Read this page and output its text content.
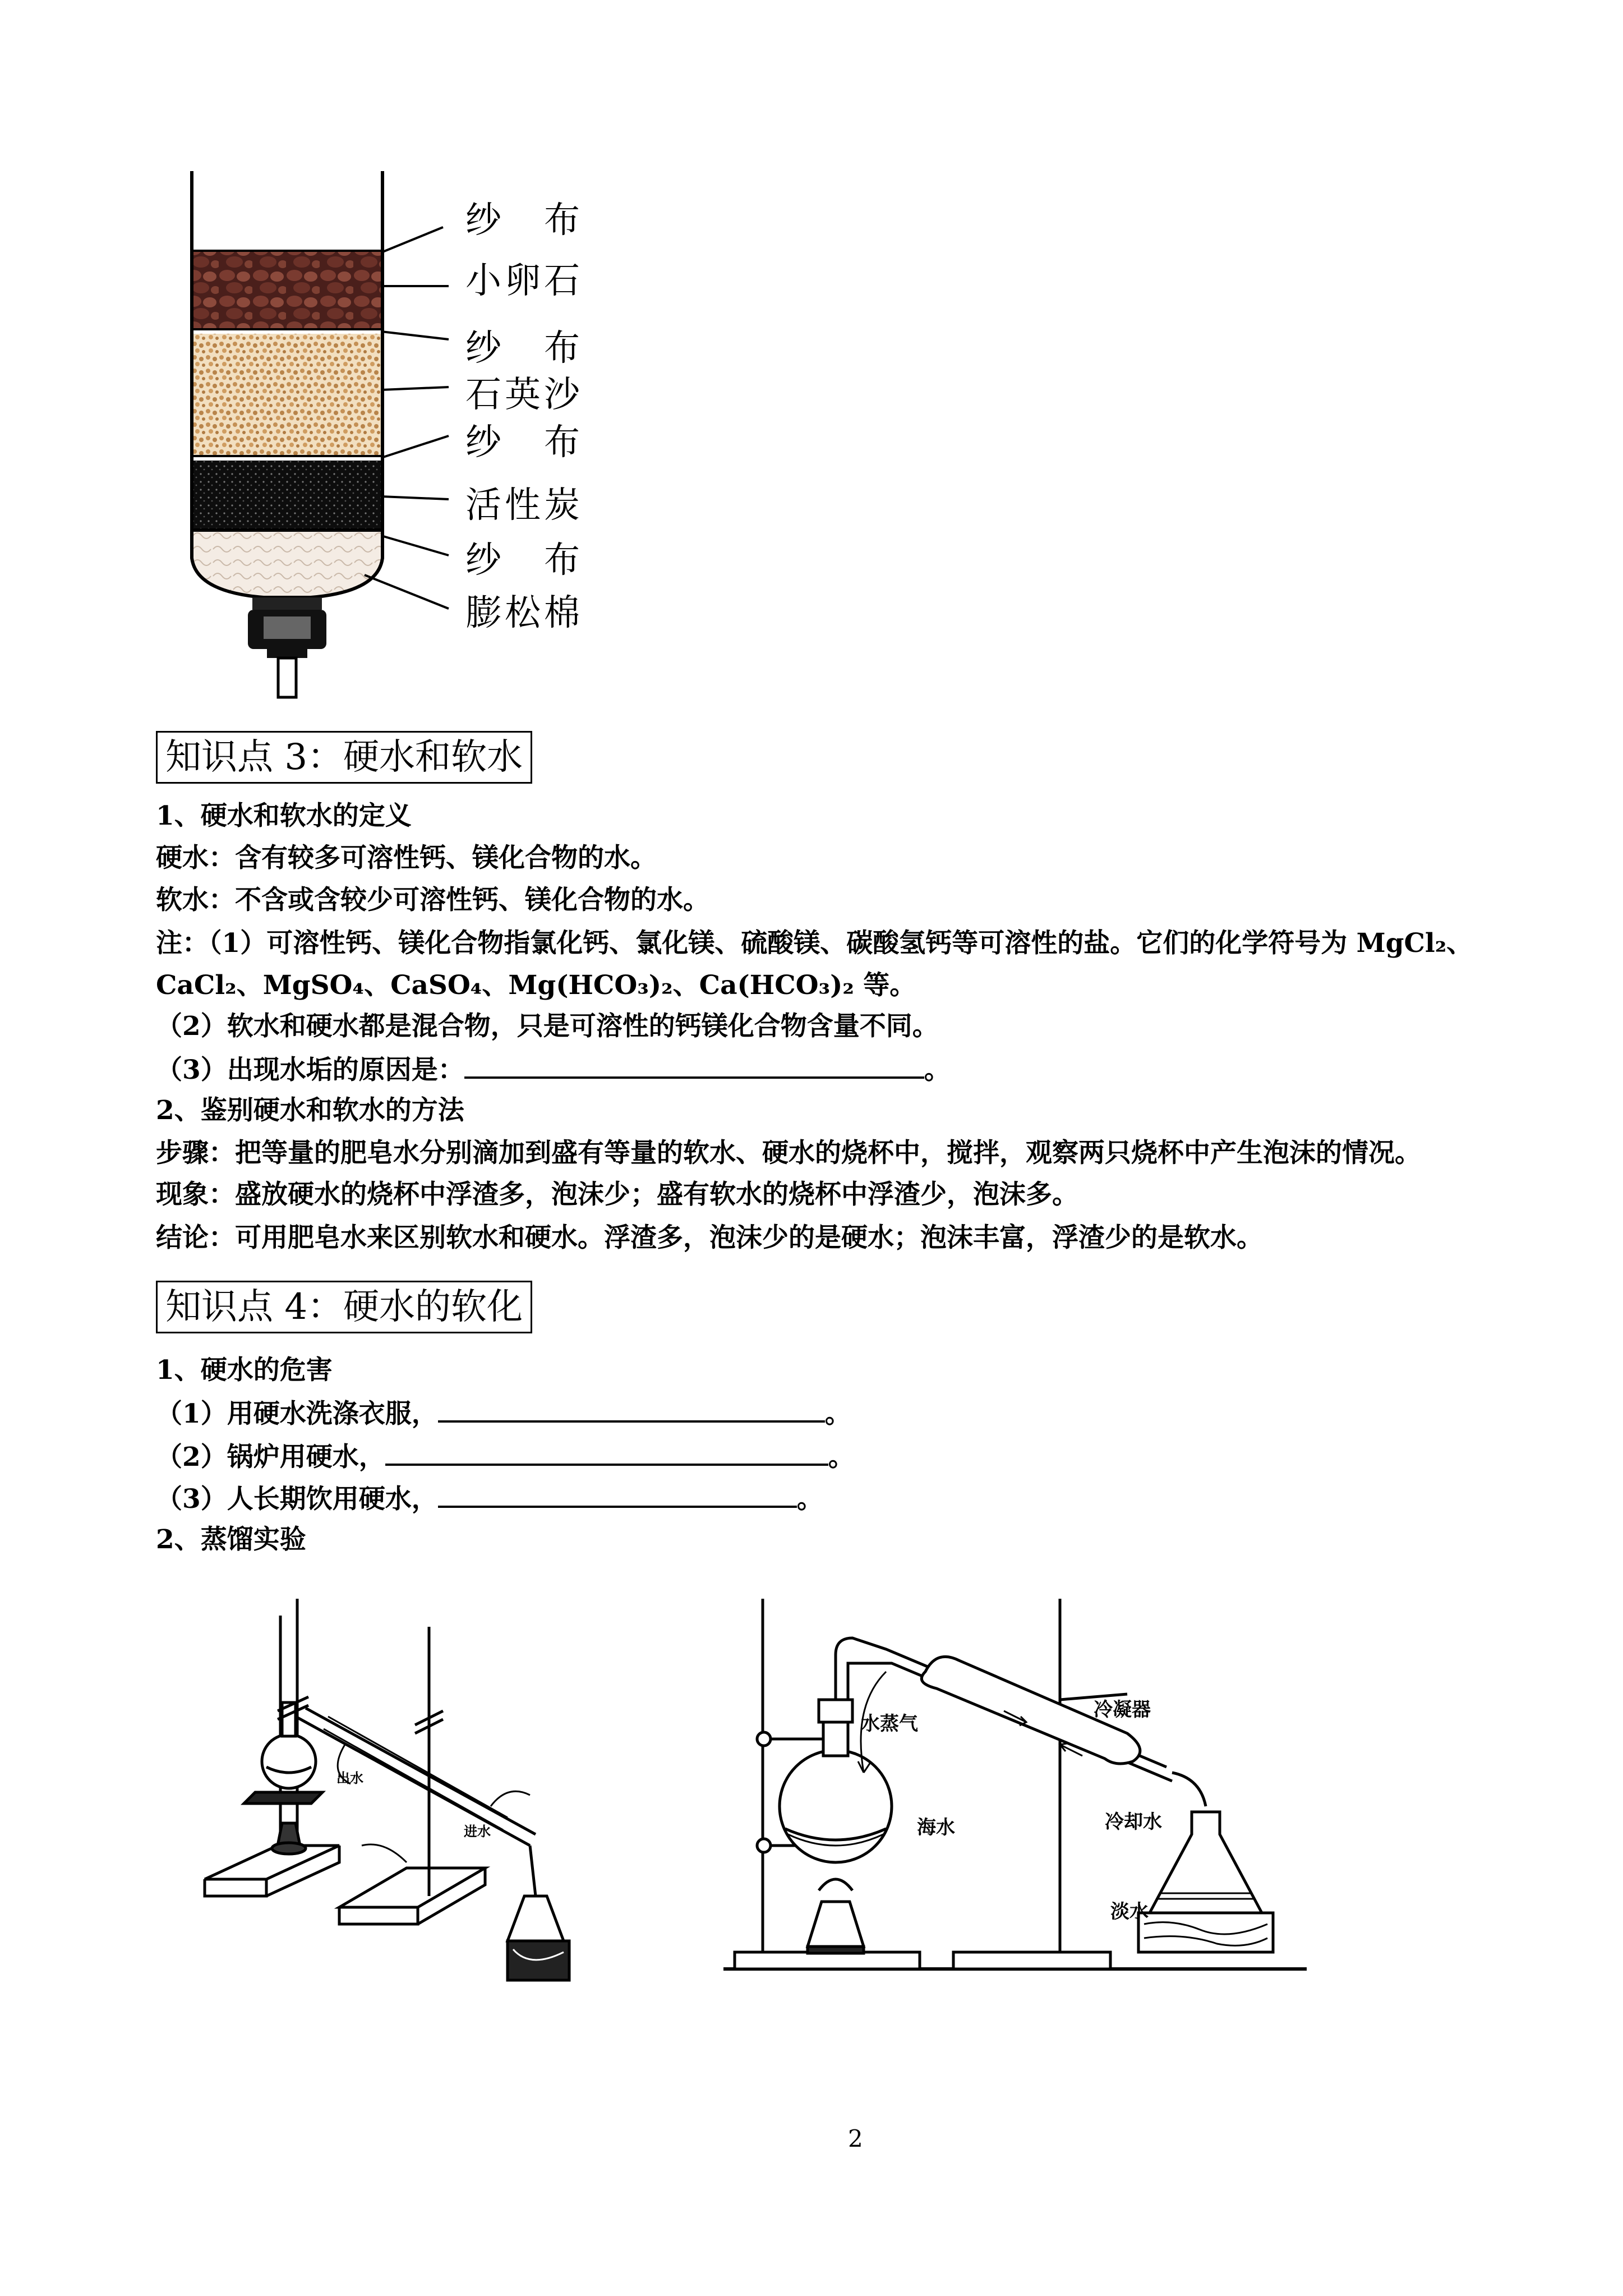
纱　布
小卵石
纱　布
石英沙
纱　布
活性炭
纱　布
膨松棉
知识点 3：硬水和软水
1、硬水和软水的定义
硬水：含有较多可溶性钙、镁化合物的水。
软水：不含或含较少可溶性钙、镁化合物的水。
注：（1）可溶性钙、镁化合物指氯化钙、氯化镁、硫酸镁、碳酸氢钙等可溶性的盐。它们的化学符号为 MgCl₂、
CaCl₂、MgSO₄、CaSO₄、Mg(HCO₃)₂、Ca(HCO₃)₂ 等。
（2）软水和硬水都是混合物，只是可溶性的钙镁化合物含量不同。
（3）出现水垢的原因是：	。
2、鉴别硬水和软水的方法
步骤：把等量的肥皂水分别滴加到盛有等量的软水、硬水的烧杯中，搅拌，观察两只烧杯中产生泡沫的情况。
现象：盛放硬水的烧杯中浮渣多，泡沫少；盛有软水的烧杯中浮渣少，泡沫多。
结论：可用肥皂水来区别软水和硬水。浮渣多，泡沫少的是硬水；泡沫丰富，浮渣少的是软水。
知识点 4：硬水的软化
1、硬水的危害
（1）用硬水洗涤衣服，	。
（2）锅炉用硬水，	。
（3）人长期饮用硬水，	。
2、蒸馏实验
出水
进水
水蒸气
冷凝器
海水	冷却水
淡水
2
